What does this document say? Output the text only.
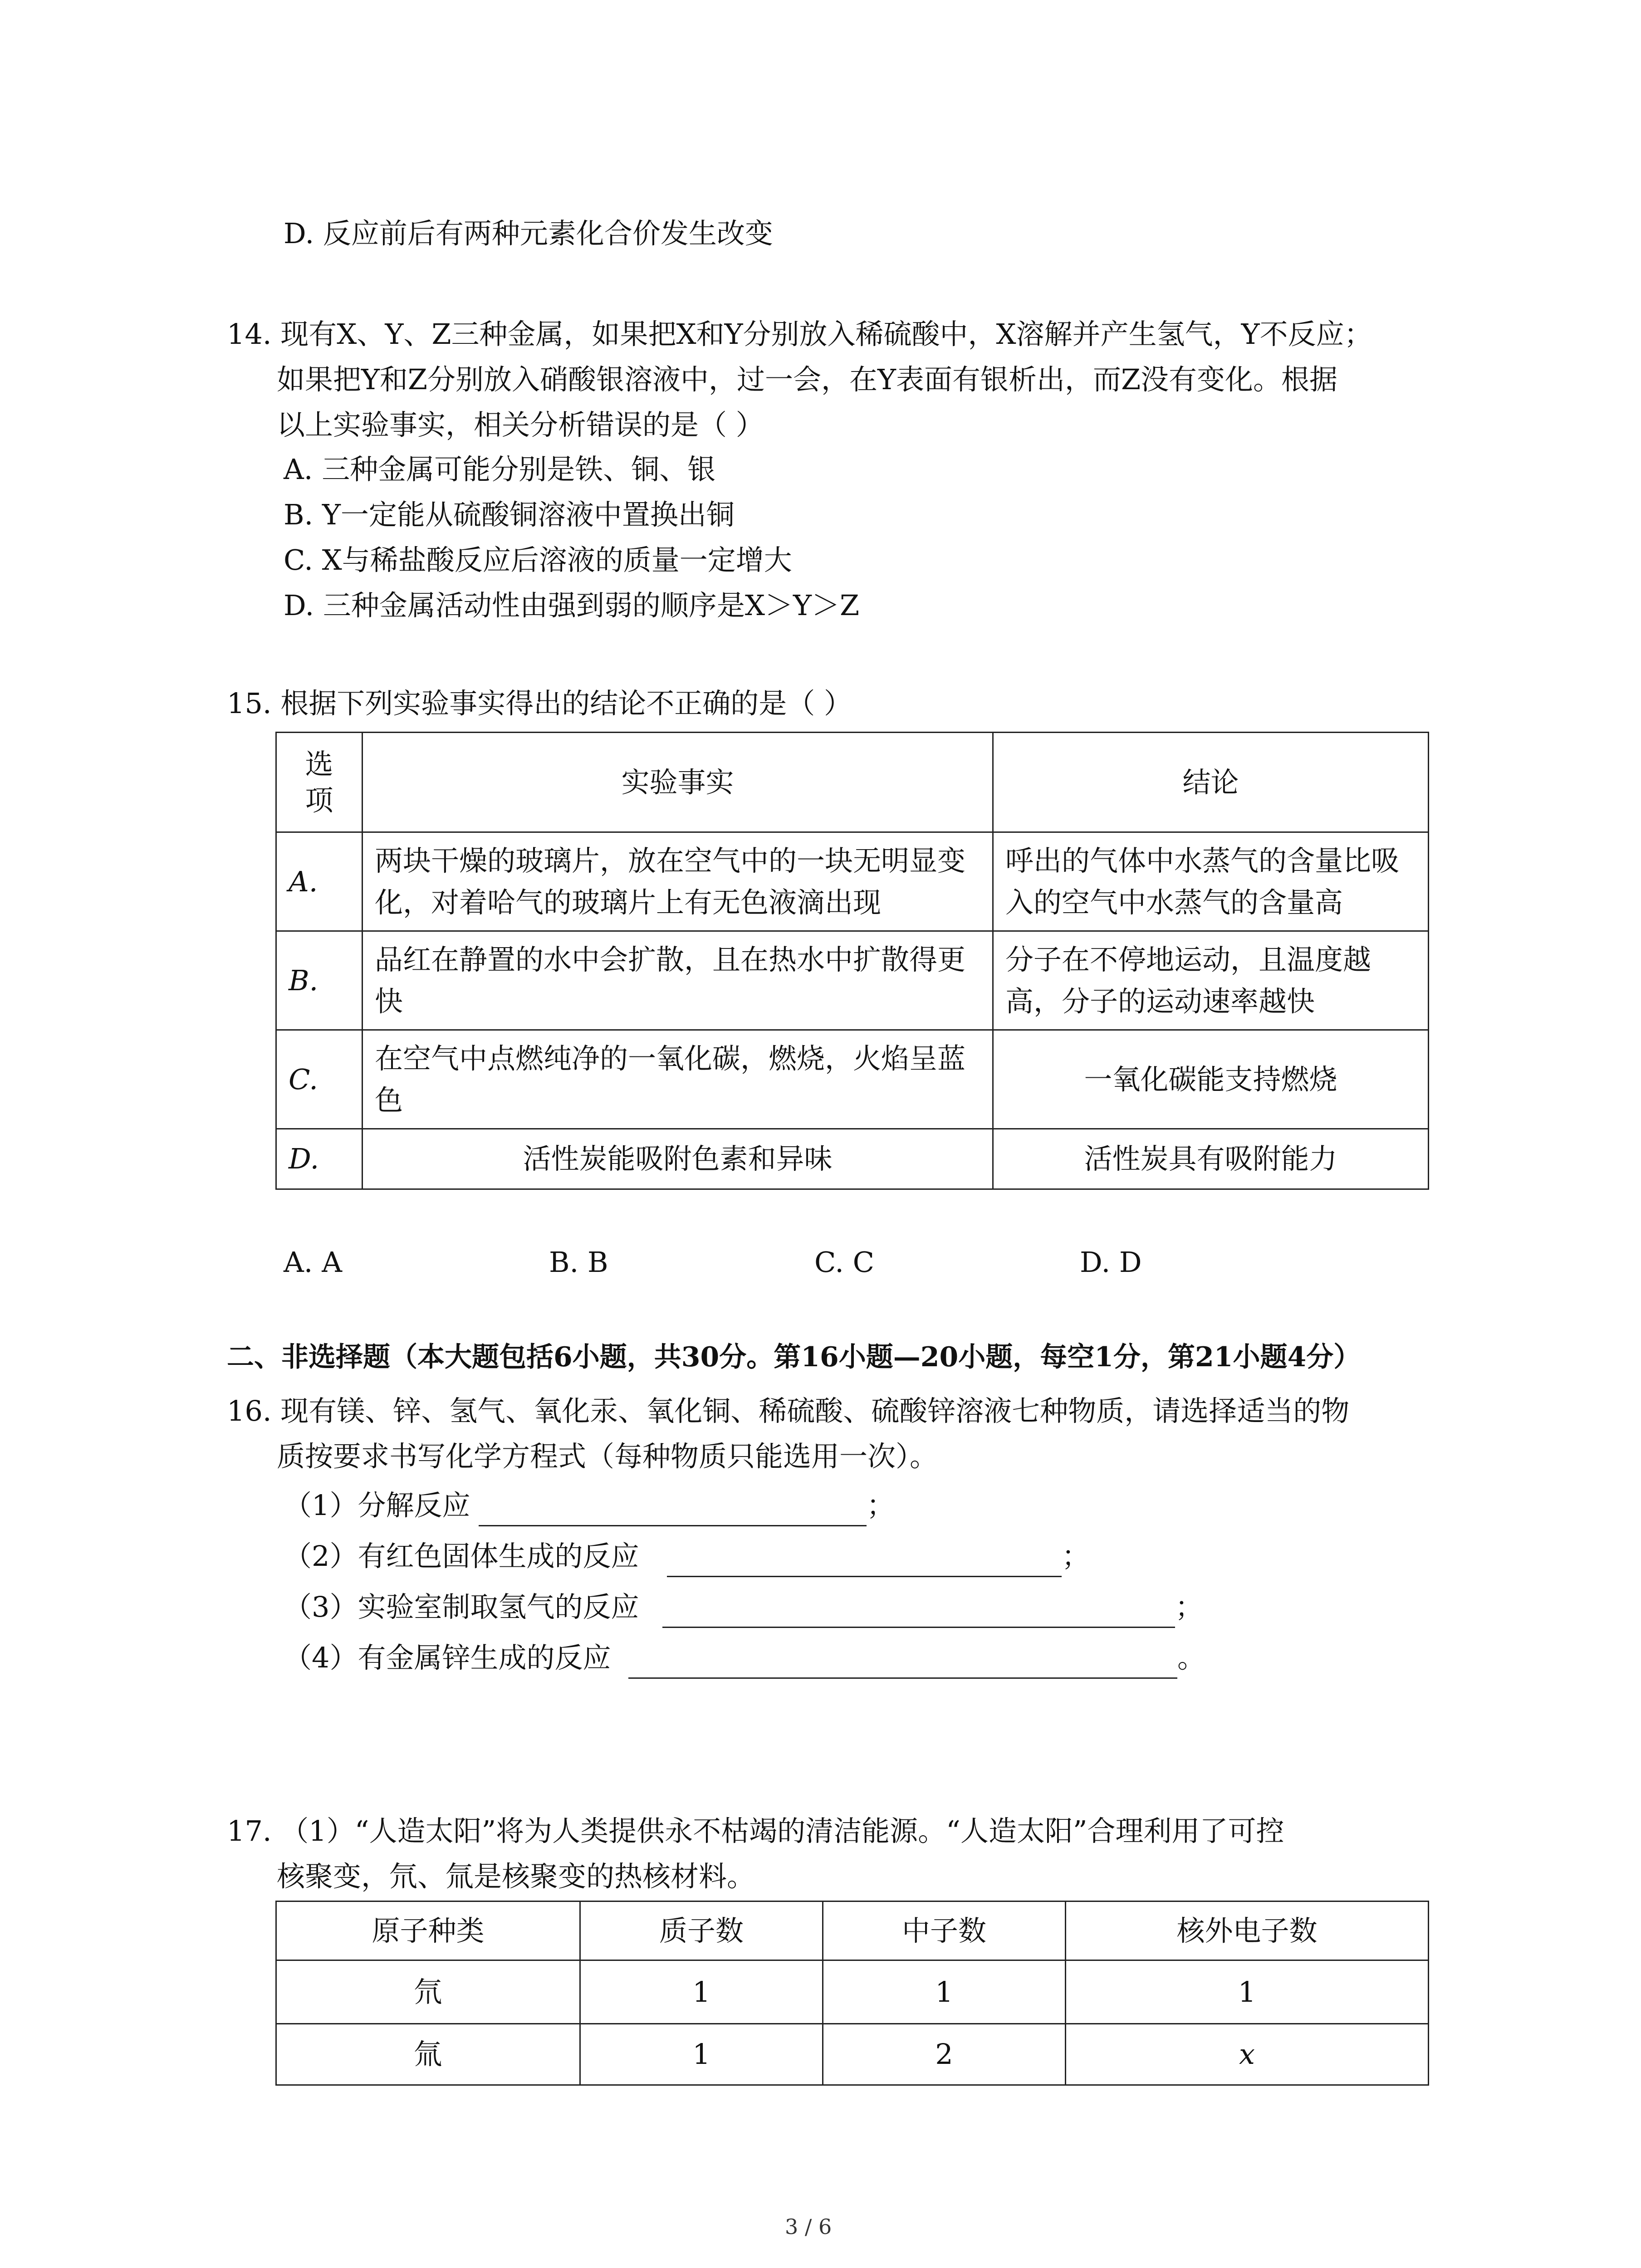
D. 反应前后有两种元素化合价发生改变
14. 现有X、Y、Z三种金属，如果把X和Y分别放入稀硫酸中，X溶解并产生氢气，Y不反应；
如果把Y和Z分别放入硝酸银溶液中，过一会，在Y表面有银析出，而Z没有变化。根据
以上实验事实，相关分析错误的是（ ）
A. 三种金属可能分别是铁、铜、银
B. Y一定能从硫酸铜溶液中置换出铜
C. X与稀盐酸反应后溶液的质量一定增大
D. 三种金属活动性由强到弱的顺序是X＞Y＞Z
15. 根据下列实验事实得出的结论不正确的是（ ）
选项	实验事实	结论
A.	两块干燥的玻璃片，放在空气中的一块无明显变化，对着哈气的玻璃片上有无色液滴出现	呼出的气体中水蒸气的含量比吸入的空气中水蒸气的含量高
B.	品红在静置的水中会扩散，且在热水中扩散得更快	分子在不停地运动，且温度越高，分子的运动速率越快
C.	在空气中点燃纯净的一氧化碳，燃烧，火焰呈蓝色	一氧化碳能支持燃烧
D.	活性炭能吸附色素和异味	活性炭具有吸附能力
A. A	B. B	C. C	D. D
二、非选择题（本大题包括6小题，共30分。第16小题—20小题，每空1分，第21小题4分）
16. 现有镁、锌、氢气、氧化汞、氧化铜、稀硫酸、硫酸锌溶液七种物质，请选择适当的物
质按要求书写化学方程式（每种物质只能选用一次）。
（1）分解反应	；
（2）有红色固体生成的反应	；
（3）实验室制取氢气的反应	；
（4）有金属锌生成的反应	。
17. （1）“人造太阳”将为人类提供永不枯竭的清洁能源。“人造太阳”合理利用了可控
核聚变，氘、氚是核聚变的热核材料。
原子种类	质子数	中子数	核外电子数
氘	1	1	1
氚	1	2	x
3 / 6
